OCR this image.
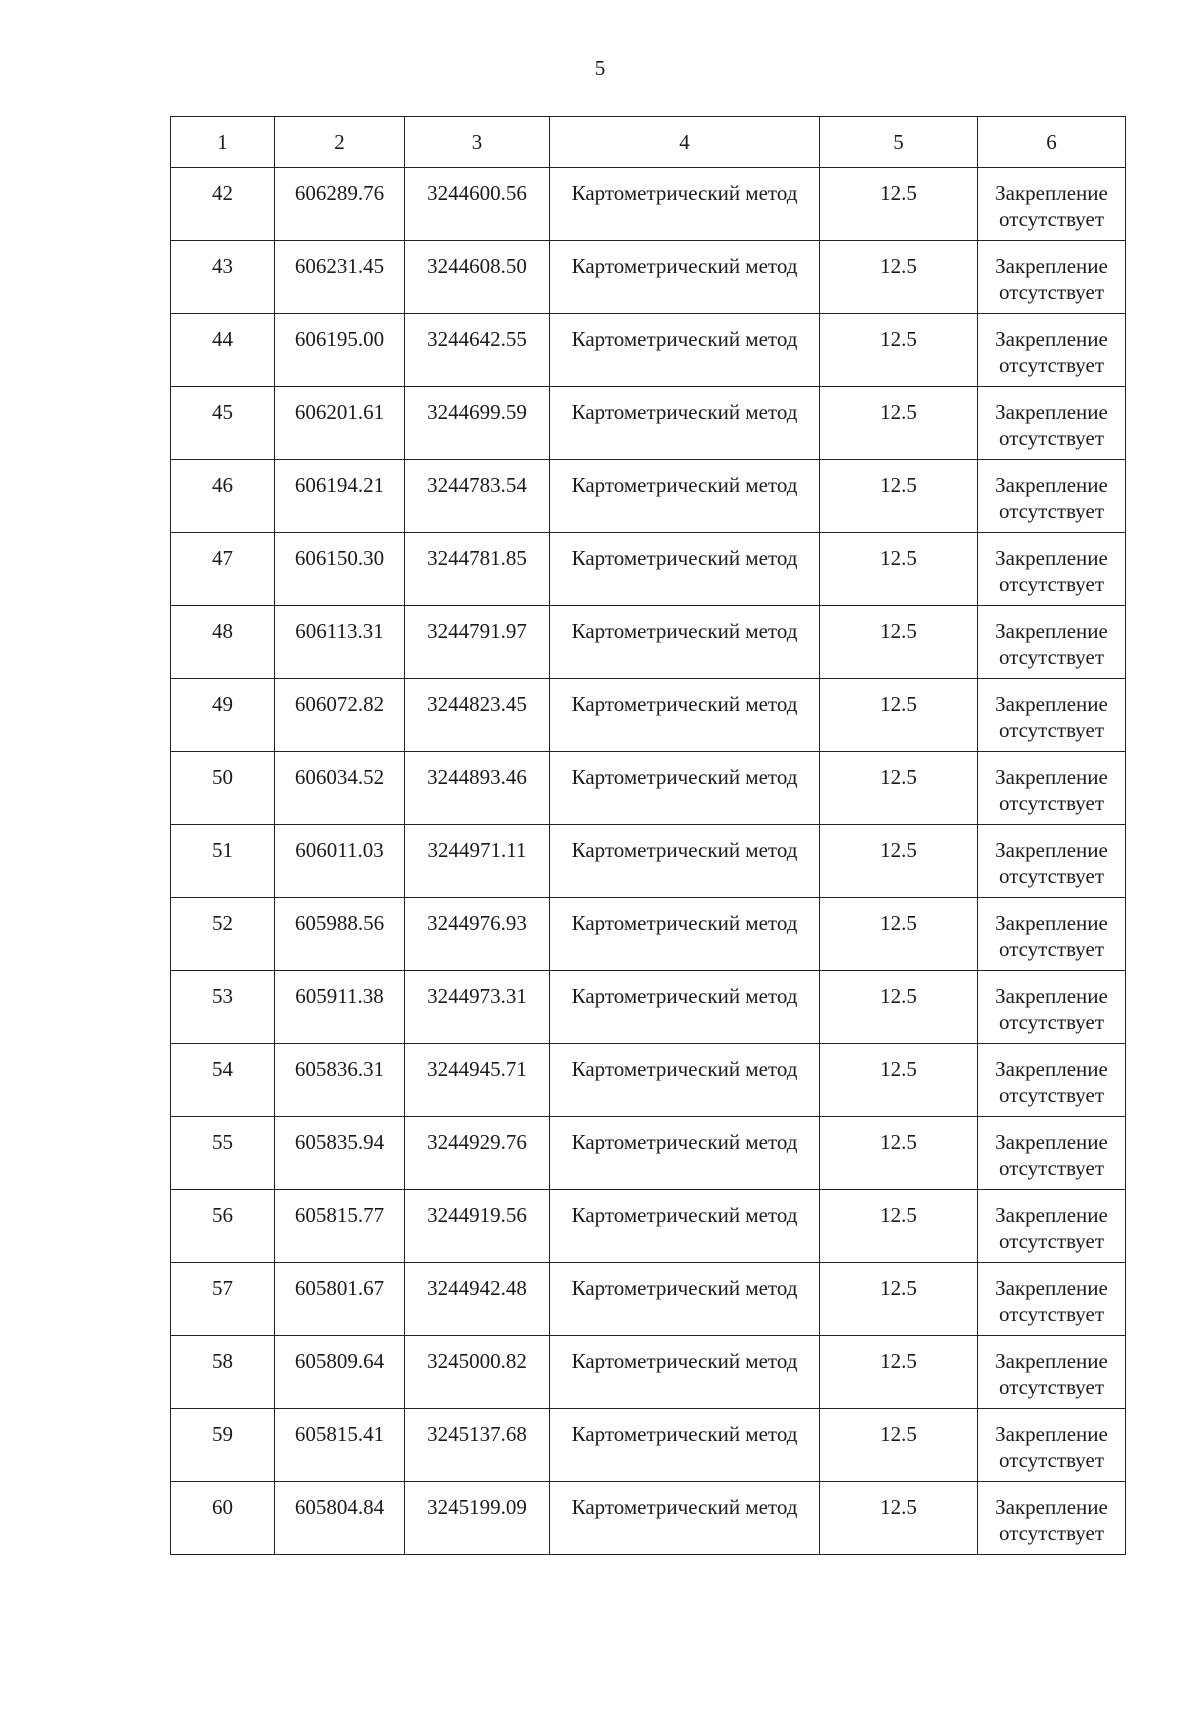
5
1	2	3	4	5	6
42	606289.76	3244600.56	Картометрический метод	12.5	Закрепление отсутствует
43	606231.45	3244608.50	Картометрический метод	12.5	Закрепление отсутствует
44	606195.00	3244642.55	Картометрический метод	12.5	Закрепление отсутствует
45	606201.61	3244699.59	Картометрический метод	12.5	Закрепление отсутствует
46	606194.21	3244783.54	Картометрический метод	12.5	Закрепление отсутствует
47	606150.30	3244781.85	Картометрический метод	12.5	Закрепление отсутствует
48	606113.31	3244791.97	Картометрический метод	12.5	Закрепление отсутствует
49	606072.82	3244823.45	Картометрический метод	12.5	Закрепление отсутствует
50	606034.52	3244893.46	Картометрический метод	12.5	Закрепление отсутствует
51	606011.03	3244971.11	Картометрический метод	12.5	Закрепление отсутствует
52	605988.56	3244976.93	Картометрический метод	12.5	Закрепление отсутствует
53	605911.38	3244973.31	Картометрический метод	12.5	Закрепление отсутствует
54	605836.31	3244945.71	Картометрический метод	12.5	Закрепление отсутствует
55	605835.94	3244929.76	Картометрический метод	12.5	Закрепление отсутствует
56	605815.77	3244919.56	Картометрический метод	12.5	Закрепление отсутствует
57	605801.67	3244942.48	Картометрический метод	12.5	Закрепление отсутствует
58	605809.64	3245000.82	Картометрический метод	12.5	Закрепление отсутствует
59	605815.41	3245137.68	Картометрический метод	12.5	Закрепление отсутствует
60	605804.84	3245199.09	Картометрический метод	12.5	Закрепление отсутствует
